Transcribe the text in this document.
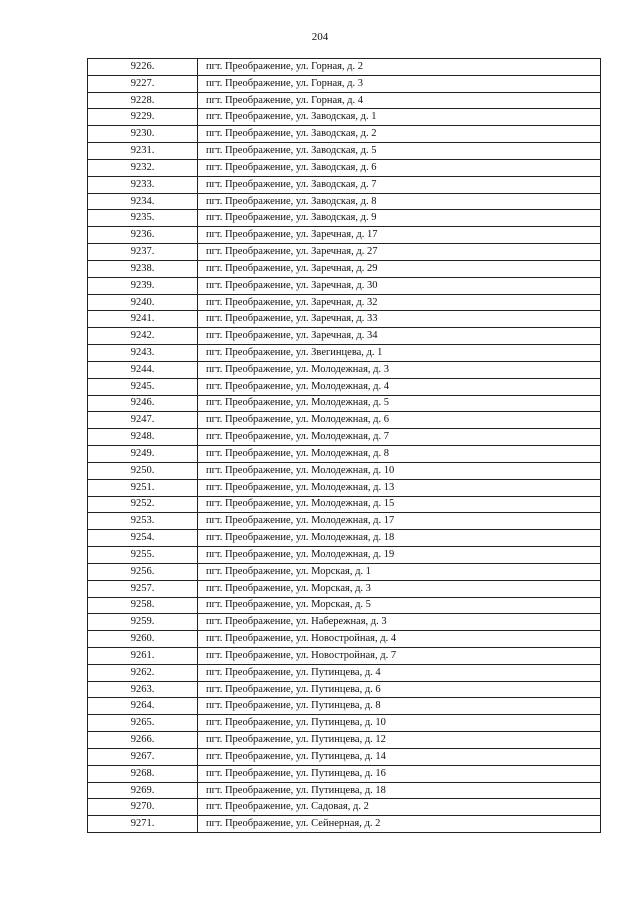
204
9226.	пгт. Преображение, ул. Горная, д. 2
9227.	пгт. Преображение, ул. Горная, д. 3
9228.	пгт. Преображение, ул. Горная, д. 4
9229.	пгт. Преображение, ул. Заводская, д. 1
9230.	пгт. Преображение, ул. Заводская, д. 2
9231.	пгт. Преображение, ул. Заводская, д. 5
9232.	пгт. Преображение, ул. Заводская, д. 6
9233.	пгт. Преображение, ул. Заводская, д. 7
9234.	пгт. Преображение, ул. Заводская, д. 8
9235.	пгт. Преображение, ул. Заводская, д. 9
9236.	пгт. Преображение, ул. Заречная, д. 17
9237.	пгт. Преображение, ул. Заречная, д. 27
9238.	пгт. Преображение, ул. Заречная, д. 29
9239.	пгт. Преображение, ул. Заречная, д. 30
9240.	пгт. Преображение, ул. Заречная, д. 32
9241.	пгт. Преображение, ул. Заречная, д. 33
9242.	пгт. Преображение, ул. Заречная, д. 34
9243.	пгт. Преображение, ул. Звегинцева, д. 1
9244.	пгт. Преображение, ул. Молодежная, д. 3
9245.	пгт. Преображение, ул. Молодежная, д. 4
9246.	пгт. Преображение, ул. Молодежная, д. 5
9247.	пгт. Преображение, ул. Молодежная, д. 6
9248.	пгт. Преображение, ул. Молодежная, д. 7
9249.	пгт. Преображение, ул. Молодежная, д. 8
9250.	пгт. Преображение, ул. Молодежная, д. 10
9251.	пгт. Преображение, ул. Молодежная, д. 13
9252.	пгт. Преображение, ул. Молодежная, д. 15
9253.	пгт. Преображение, ул. Молодежная, д. 17
9254.	пгт. Преображение, ул. Молодежная, д. 18
9255.	пгт. Преображение, ул. Молодежная, д. 19
9256.	пгт. Преображение, ул. Морская, д. 1
9257.	пгт. Преображение, ул. Морская, д. 3
9258.	пгт. Преображение, ул. Морская, д. 5
9259.	пгт. Преображение, ул. Набережная, д. 3
9260.	пгт. Преображение, ул. Новостройная, д. 4
9261.	пгт. Преображение, ул. Новостройная, д. 7
9262.	пгт. Преображение, ул. Путинцева, д. 4
9263.	пгт. Преображение, ул. Путинцева, д. 6
9264.	пгт. Преображение, ул. Путинцева, д. 8
9265.	пгт. Преображение, ул. Путинцева, д. 10
9266.	пгт. Преображение, ул. Путинцева, д. 12
9267.	пгт. Преображение, ул. Путинцева, д. 14
9268.	пгт. Преображение, ул. Путинцева, д. 16
9269.	пгт. Преображение, ул. Путинцева, д. 18
9270.	пгт. Преображение, ул. Садовая, д. 2
9271.	пгт. Преображение, ул. Сейнерная, д. 2
